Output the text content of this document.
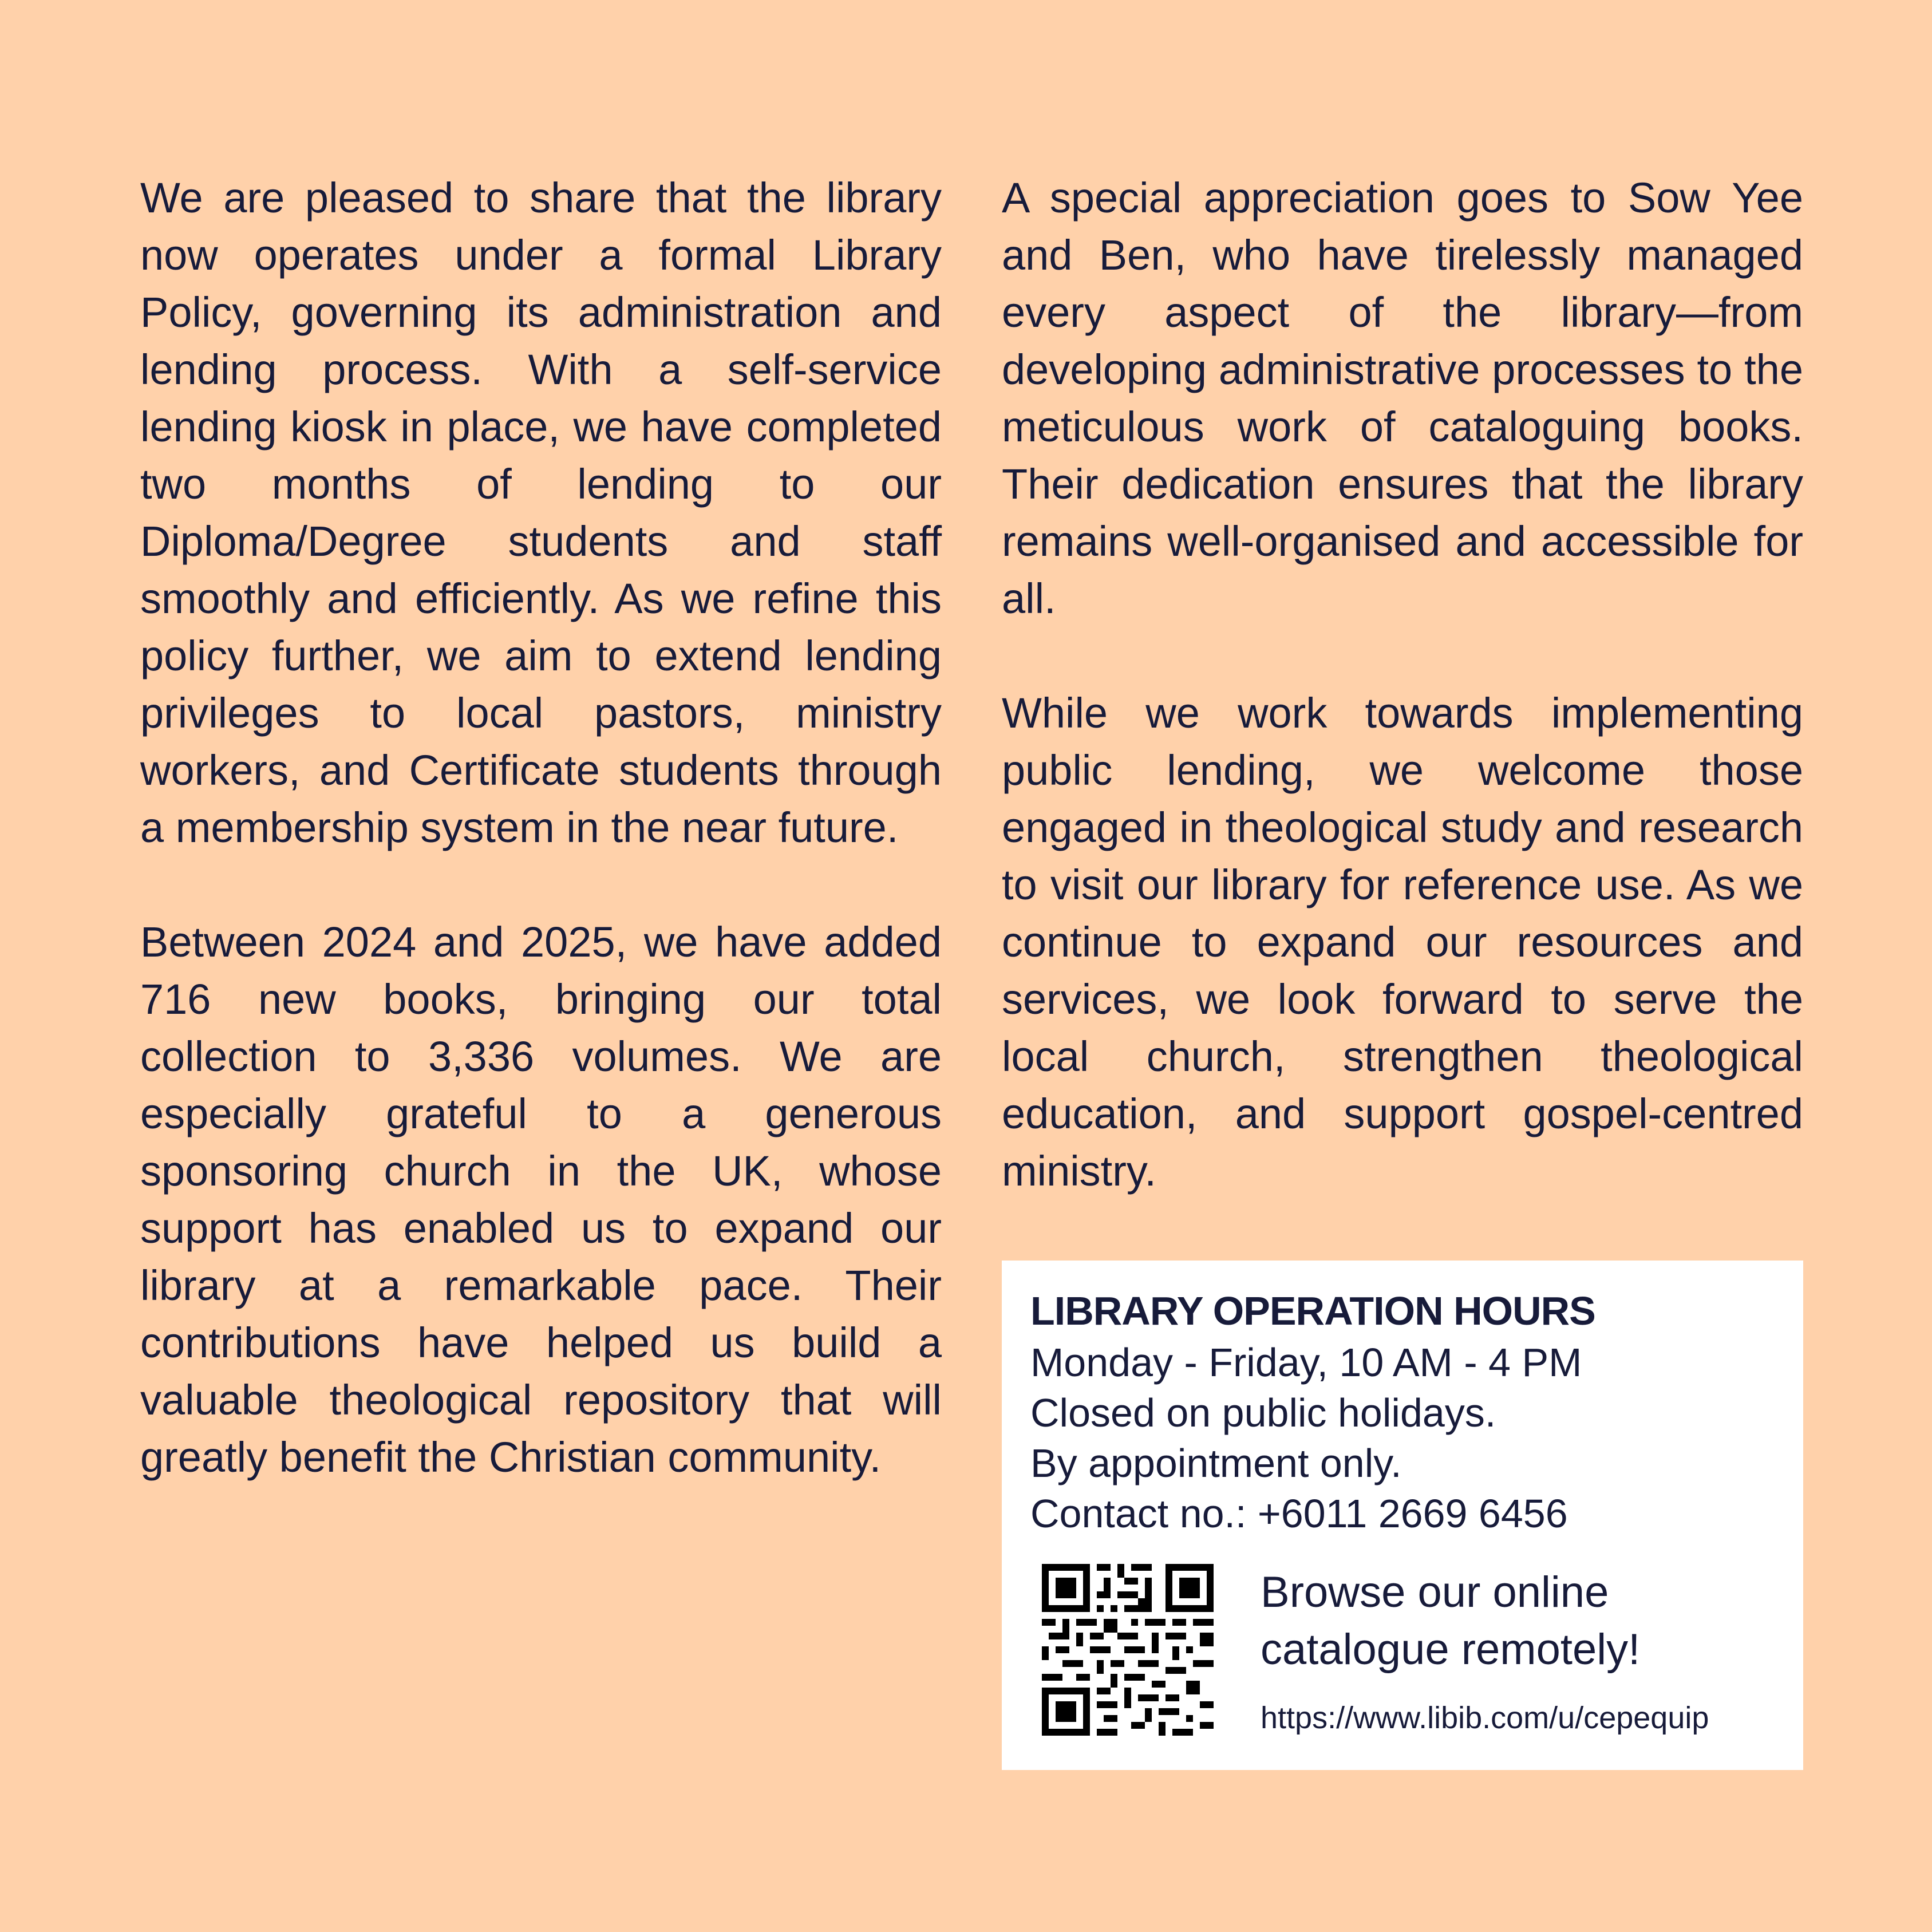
We are pleased to share that the library now operates under a formal Library Policy, governing its administration and lending process. With a self-service lending kiosk in place, we have completed two months of lending to our Diploma/Degree students and staff smoothly and efficiently. As we refine this policy further, we aim to extend lending privileges to local pastors, ministry workers, and Certificate students through a membership system in the near future.

Between 2024 and 2025, we have added 716 new books, bringing our total collection to 3,336 volumes. We are especially grateful to a generous sponsoring church in the UK, whose support has enabled us to expand our library at a remarkable pace. Their contributions have helped us build a valuable theological repository that will greatly benefit the Christian community.

A special appreciation goes to Sow Yee and Ben, who have tirelessly managed every aspect of the library—from developing administrative processes to the meticulous work of cataloguing books. Their dedication ensures that the library remains well-organised and accessible for all.

While we work towards implementing public lending, we welcome those engaged in theological study and research to visit our library for reference use. As we continue to expand our resources and services, we look forward to serve the local church, strengthen theological education, and support gospel-centred ministry.

LIBRARY OPERATION HOURS
Monday - Friday, 10 AM - 4 PM
Closed on public holidays.
By appointment only.
Contact no.: +6011 2669 6456
Browse our online
catalogue remotely!
https://www.libib.com/u/cepequip
